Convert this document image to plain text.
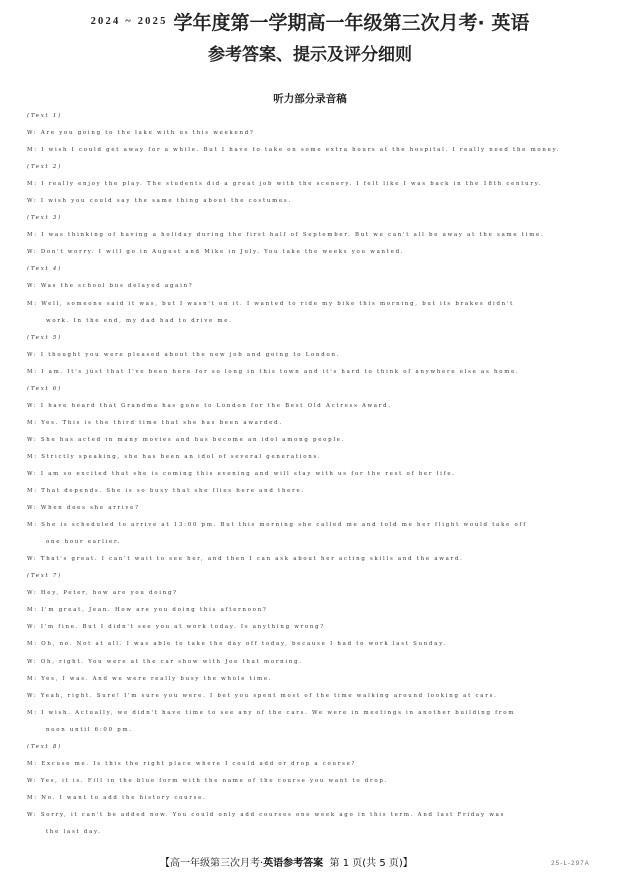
2024 ~ 2025 学年度第一学期高一年级第三次月考· 英语
参考答案、提示及评分细则
听力部分录音稿
(Text 1)
W: Are you going to the lake with us this weekend?
M: I wish I could get away for a while. But I have to take on some extra hours at the hospital. I really need the money.
(Text 2)
M: I really enjoy the play. The students did a great job with the scenery. I felt like I was back in the 18th century.
W: I wish you could say the same thing about the costumes.
(Text 3)
M: I was thinking of having a holiday during the first half of September. But we can't all be away at the same time.
W: Don't worry. I will go in August and Mike in July. You take the weeks you wanted.
(Text 4)
W: Was the school bus delayed again?
M: Well, someone said it was, but I wasn't on it. I wanted to ride my bike this morning, but its brakes didn't
work. In the end, my dad had to drive me.
(Text 5)
W: I thought you were pleased about the new job and going to London.
M: I am. It's just that I've been here for so long in this town and it's hard to think of anywhere else as home.
(Text 6)
W: I have heard that Grandma has gone to London for the Best Old Actress Award.
M: Yes. This is the third time that she has been awarded.
W: She has acted in many movies and has become an idol among people.
M: Strictly speaking, she has been an idol of several generations.
W: I am so excited that she is coming this evening and will stay with us for the rest of her life.
M: That depends. She is so busy that she flies here and there.
W: When does she arrive?
M: She is scheduled to arrive at 13:00 pm. But this morning she called me and told me her flight would take off
one hour earlier.
W: That's great. I can't wait to see her, and then I can ask about her acting skills and the award.
(Text 7)
W: Hey, Peter, how are you doing?
M: I'm great, Jean. How are you doing this afternoon?
W: I'm fine. But I didn't see you at work today. Is anything wrong?
M: Oh, no. Not at all. I was able to take the day off today, because I had to work last Sunday.
W: Oh, right. You were at the car show with Joe that morning.
M: Yes, I was. And we were really busy the whole time.
W: Yeah, right. Sure! I'm sure you were. I bet you spent most of the time walking around looking at cars.
M: I wish. Actually, we didn't have time to see any of the cars. We were in meetings in another building from
noon until 6:00 pm.
(Text 8)
M: Excuse me. Is this the right place where I could add or drop a course?
W: Yes, it is. Fill in the blue form with the name of the course you want to drop.
M: No. I want to add the history course.
W: Sorry, it can't be added now. You could only add courses one week ago in this term. And last Friday was
the last day.
【高一年级第三次月考·英语参考答案 第 1 页(共 5 页)】	25-L-297A
